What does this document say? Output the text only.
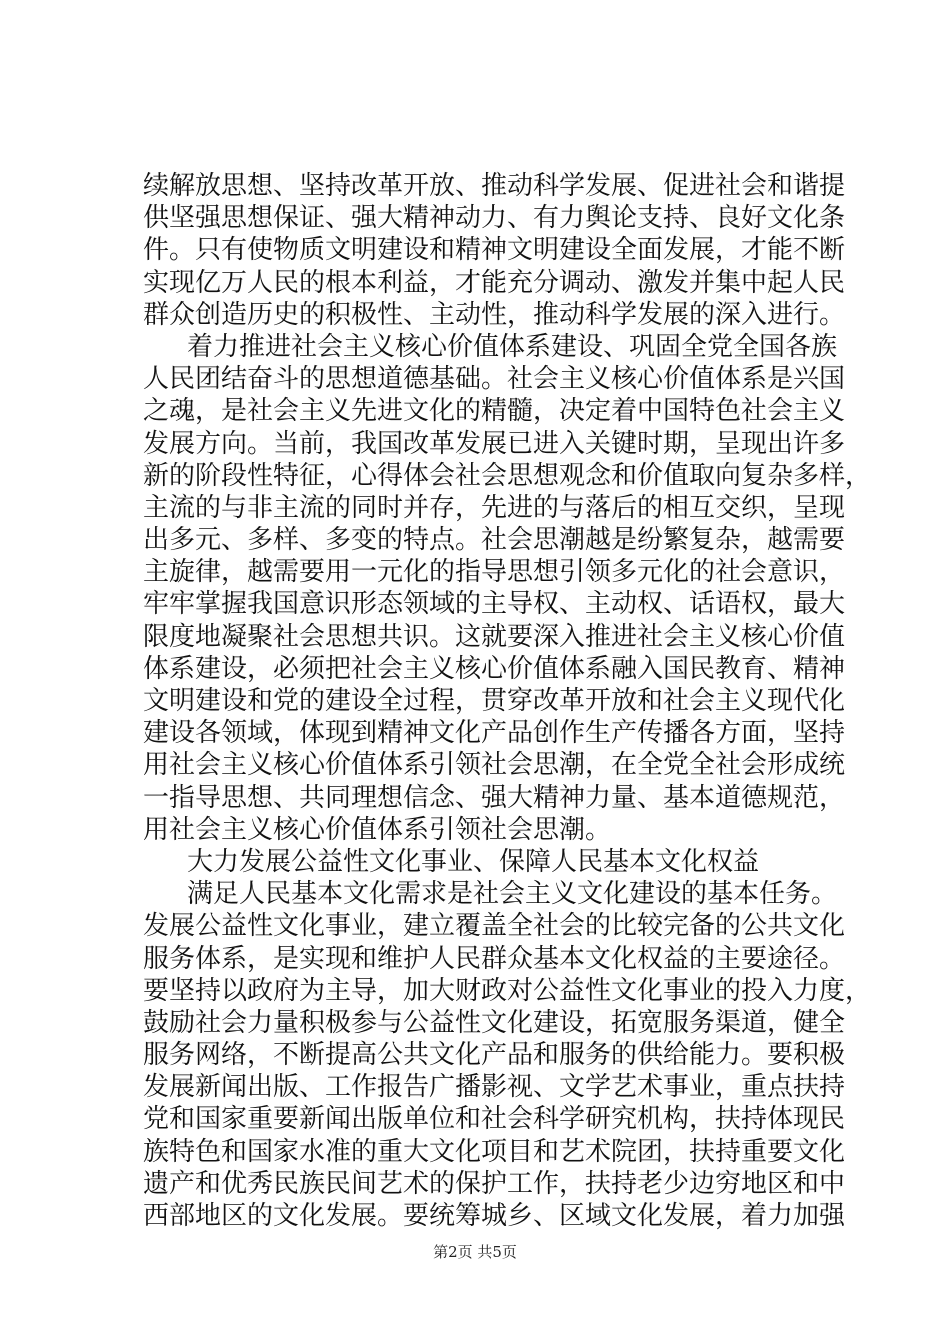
续解放思想、坚持改革开放、推动科学发展、促进社会和谐提
供坚强思想保证、强大精神动力、有力舆论支持、良好文化条
件。只有使物质文明建设和精神文明建设全面发展，才能不断
实现亿万人民的根本利益，才能充分调动、激发并集中起人民
群众创造历史的积极性、主动性，推动科学发展的深入进行。
着力推进社会主义核心价值体系建设、巩固全党全国各族
人民团结奋斗的思想道德基础。社会主义核心价值体系是兴国
之魂，是社会主义先进文化的精髓，决定着中国特色社会主义
发展方向。当前，我国改革发展已进入关键时期，呈现出许多
新的阶段性特征，心得体会社会思想观念和价值取向复杂多样，
主流的与非主流的同时并存，先进的与落后的相互交织，呈现
出多元、多样、多变的特点。社会思潮越是纷繁复杂，越需要
主旋律，越需要用一元化的指导思想引领多元化的社会意识，
牢牢掌握我国意识形态领域的主导权、主动权、话语权，最大
限度地凝聚社会思想共识。这就要深入推进社会主义核心价值
体系建设，必须把社会主义核心价值体系融入国民教育、精神
文明建设和党的建设全过程，贯穿改革开放和社会主义现代化
建设各领域，体现到精神文化产品创作生产传播各方面，坚持
用社会主义核心价值体系引领社会思潮，在全党全社会形成统
一指导思想、共同理想信念、强大精神力量、基本道德规范，
用社会主义核心价值体系引领社会思潮。
大力发展公益性文化事业、保障人民基本文化权益
满足人民基本文化需求是社会主义文化建设的基本任务。
发展公益性文化事业，建立覆盖全社会的比较完备的公共文化
服务体系，是实现和维护人民群众基本文化权益的主要途径。
要坚持以政府为主导，加大财政对公益性文化事业的投入力度，
鼓励社会力量积极参与公益性文化建设，拓宽服务渠道，健全
服务网络，不断提高公共文化产品和服务的供给能力。要积极
发展新闻出版、工作报告广播影视、文学艺术事业，重点扶持
党和国家重要新闻出版单位和社会科学研究机构，扶持体现民
族特色和国家水准的重大文化项目和艺术院团，扶持重要文化
遗产和优秀民族民间艺术的保护工作，扶持老少边穷地区和中
西部地区的文化发展。要统筹城乡、区域文化发展，着力加强
第2页 共5页
